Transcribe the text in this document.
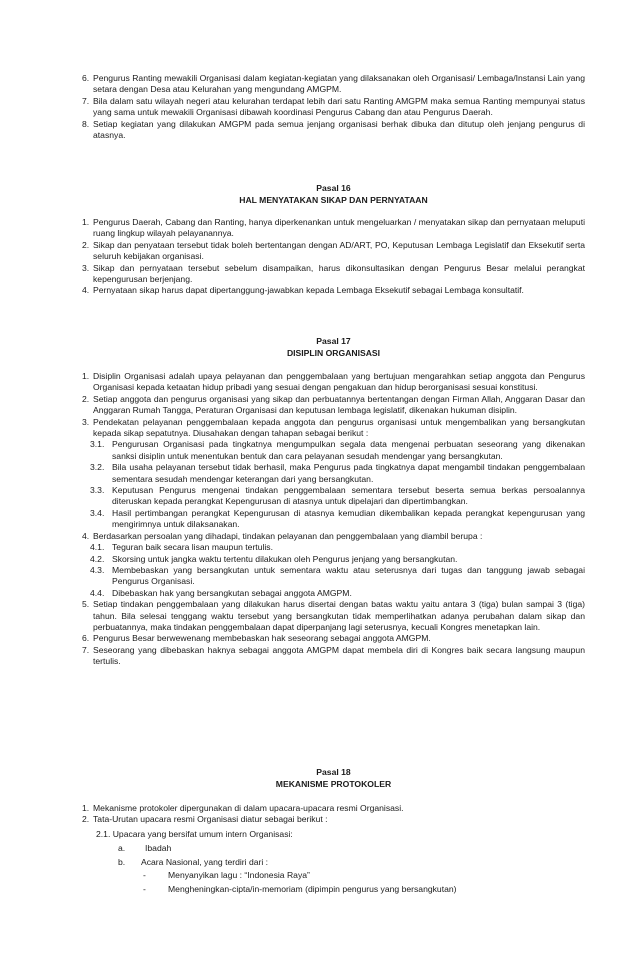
6. Pengurus Ranting mewakili Organisasi dalam kegiatan-kegiatan yang dilaksanakan oleh Organisasi/ Lembaga/Instansi Lain yang setara dengan Desa atau Kelurahan yang mengundang AMGPM.

7. Bila dalam satu wilayah negeri atau kelurahan terdapat lebih dari satu Ranting AMGPM maka semua Ranting mempunyai status yang sama untuk mewakili Organisasi dibawah koordinasi Pengurus Cabang dan atau Pengurus Daerah.

8. Setiap kegiatan yang dilakukan AMGPM pada semua jenjang organisasi berhak dibuka dan ditutup oleh jenjang pengurus di atasnya.

Pasal 16
HAL MENYATAKAN SIKAP DAN PERNYATAAN
1. Pengurus Daerah, Cabang dan Ranting, hanya diperkenankan untuk mengeluarkan / menyatakan sikap dan pernyataan meluputi ruang lingkup wilayah pelayanannya.

2. Sikap dan penyataan tersebut tidak boleh bertentangan dengan AD/ART, PO, Keputusan Lembaga Legislatif dan Eksekutif serta seluruh kebijakan organisasi.

3. Sikap dan pernyataan tersebut sebelum disampaikan, harus dikonsultasikan dengan Pengurus Besar melalui perangkat kepengurusan berjenjang.

4. Pernyataan sikap harus dapat dipertanggung-jawabkan kepada Lembaga Eksekutif sebagai Lembaga konsultatif.

Pasal 17
DISIPLIN ORGANISASI
1. Disiplin Organisasi adalah upaya pelayanan dan penggembalaan yang bertujuan mengarahkan setiap anggota dan Pengurus Organisasi kepada ketaatan hidup pribadi yang sesuai dengan pengakuan dan hidup berorganisasi sesuai konstitusi.

2. Setiap anggota dan pengurus organisasi yang sikap dan perbuatannya bertentangan dengan Firman Allah, Anggaran Dasar dan Anggaran Rumah Tangga, Peraturan Organisasi dan keputusan lembaga legislatif, dikenakan hukuman disiplin.

3. Pendekatan pelayanan penggembalaan kepada anggota dan pengurus organisasi untuk mengembalikan yang bersangkutan kepada sikap sepatutnya. Diusahakan dengan tahapan sebagai berikut :

3.1. Pengurusan Organisasi pada tingkatnya mengumpulkan segala data mengenai perbuatan seseorang yang dikenakan sanksi disiplin untuk menentukan bentuk dan cara pelayanan sesudah mendengar yang bersangkutan.

3.2. Bila usaha pelayanan tersebut tidak berhasil, maka Pengurus pada tingkatnya dapat mengambil tindakan penggembalaan sementara sesudah mendengar keterangan dari yang bersangkutan.

3.3. Keputusan Pengurus mengenai tindakan penggembalaan sementara tersebut beserta semua berkas persoalannya diteruskan kepada perangkat Kepengurusan di atasnya untuk dipelajari dan dipertimbangkan.

3.4. Hasil pertimbangan perangkat Kepengurusan di atasnya kemudian dikembalikan kepada perangkat kepengurusan yang mengirimnya untuk dilaksanakan.

4. Berdasarkan persoalan yang dihadapi, tindakan pelayanan dan penggembalaan yang diambil berupa :

4.1. Teguran baik secara lisan maupun tertulis.

4.2. Skorsing untuk jangka waktu tertentu dilakukan oleh Pengurus jenjang yang bersangkutan.

4.3. Membebaskan yang bersangkutan untuk sementara waktu atau seterusnya dari tugas dan tanggung jawab sebagai Pengurus Organisasi.

4.4. Dibebaskan hak yang bersangkutan sebagai anggota AMGPM.

5. Setiap tindakan penggembalaan yang dilakukan harus disertai dengan batas waktu yaitu antara 3 (tiga) bulan sampai 3 (tiga) tahun. Bila selesai tenggang waktu tersebut yang bersangkutan tidak memperlihatkan adanya perubahan dalam sikap dan perbuatannya, maka tindakan penggembalaan dapat diperpanjang lagi seterusnya, kecuali Kongres menetapkan lain.

6. Pengurus Besar berwewenang membebaskan hak seseorang sebagai anggota AMGPM.

7. Seseorang yang dibebaskan haknya sebagai anggota AMGPM dapat membela diri di Kongres baik secara langsung maupun tertulis.

Pasal 18
MEKANISME PROTOKOLER
1. Mekanisme protokoler dipergunakan di dalam upacara-upacara resmi Organisasi.

2. Tata-Urutan upacara resmi Organisasi diatur sebagai berikut :

2.1. Upacara yang bersifat umum intern Organisasi:
a. Ibadah
b. Acara Nasional, yang terdiri dari :
-	Menyanyikan lagu : “Indonesia Raya”
-	Mengheningkan-cipta/in-memoriam (dipimpin pengurus yang bersangkutan)
